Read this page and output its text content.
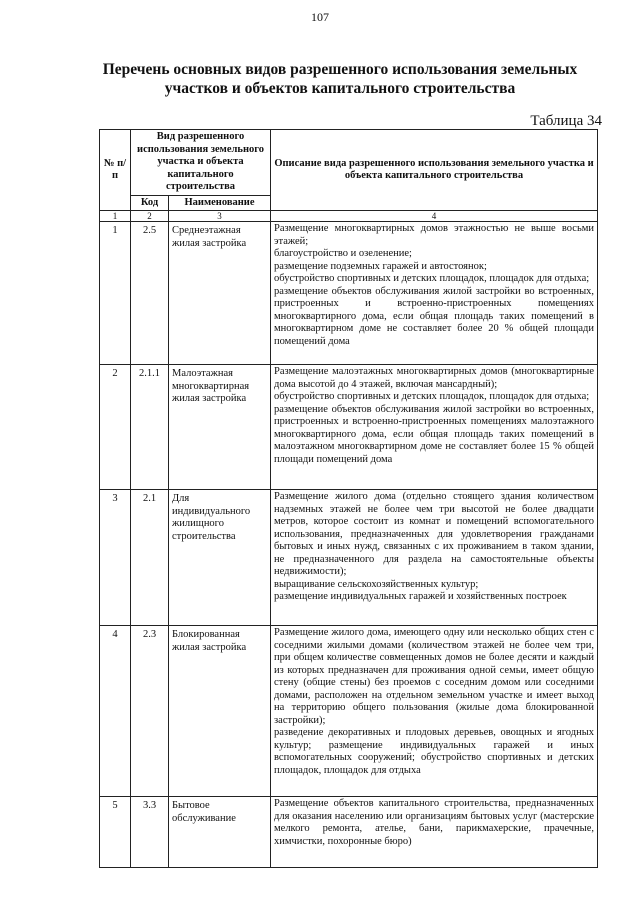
107
Перечень основных видов разрешенного использования земельных
участков и объектов капитального строительства
Таблица 34
№ п/п	Вид разрешенного использования земельного участка и объекта капитального строительства		Описание вида разрешенного использования земельного участка и объекта капитального строительства
	Код	Наименование	
1	2	3	4
1	2.5	Среднеэтажная жилая застройка	Размещение многоквартирных домов этажностью не выше восьми этажей;

благоустройство и озеленение;

размещение подземных гаражей и автостоянок;

обустройство спортивных и детских площадок, площадок для отдыха;

размещение объектов обслуживания жилой застройки во встроенных, пристроенных и встроенно-пристроенных помещениях многоквартирного дома, если общая площадь таких помещений в многоквартирном доме не составляет более 20 % общей площади помещений дома

2	2.1.1	Малоэтажная многоквартирная жилая застройка	Размещение малоэтажных многоквартирных домов (многоквартирные дома высотой до 4 этажей, включая мансардный);

обустройство спортивных и детских площадок, площадок для отдыха;

размещение объектов обслуживания жилой застройки во встроенных, пристроенных и встроенно-пристроенных помещениях малоэтажного многоквартирного дома, если общая площадь таких помещений в малоэтажном многоквартирном доме не составляет более 15 % общей площади помещений дома

3	2.1	Для индивидуального жилищного строительства	Размещение жилого дома (отдельно стоящего здания количеством надземных этажей не более чем три высотой не более двадцати метров, которое состоит из комнат и помещений вспомогательного использования, предназначенных для удовлетворения гражданами бытовых и иных нужд, связанных с их проживанием в таком здании, не предназначенного для раздела на самостоятельные объекты недвижимости);

выращивание сельскохозяйственных культур;

размещение индивидуальных гаражей и хозяйственных построек

4	2.3	Блокированная жилая застройка	Размещение жилого дома, имеющего одну или несколько общих стен с соседними жилыми домами (количеством этажей не более чем три, при общем количестве совмещенных домов не более десяти и каждый из которых предназначен для проживания одной семьи, имеет общую стену (общие стены) без проемов с соседним домом или соседними домами, расположен на отдельном земельном участке и имеет выход на территорию общего пользования (жилые дома блокированной застройки);

разведение декоративных и плодовых деревьев, овощных и ягодных культур; размещение индивидуальных гаражей и иных вспомогательных сооружений; обустройство спортивных и детских площадок, площадок для отдыха

5	3.3	Бытовое обслуживание	Размещение объектов капитального строительства, предназначенных для оказания населению или организациям бытовых услуг (мастерские мелкого ремонта, ателье, бани, парикмахерские, прачечные, химчистки, похоронные бюро)
